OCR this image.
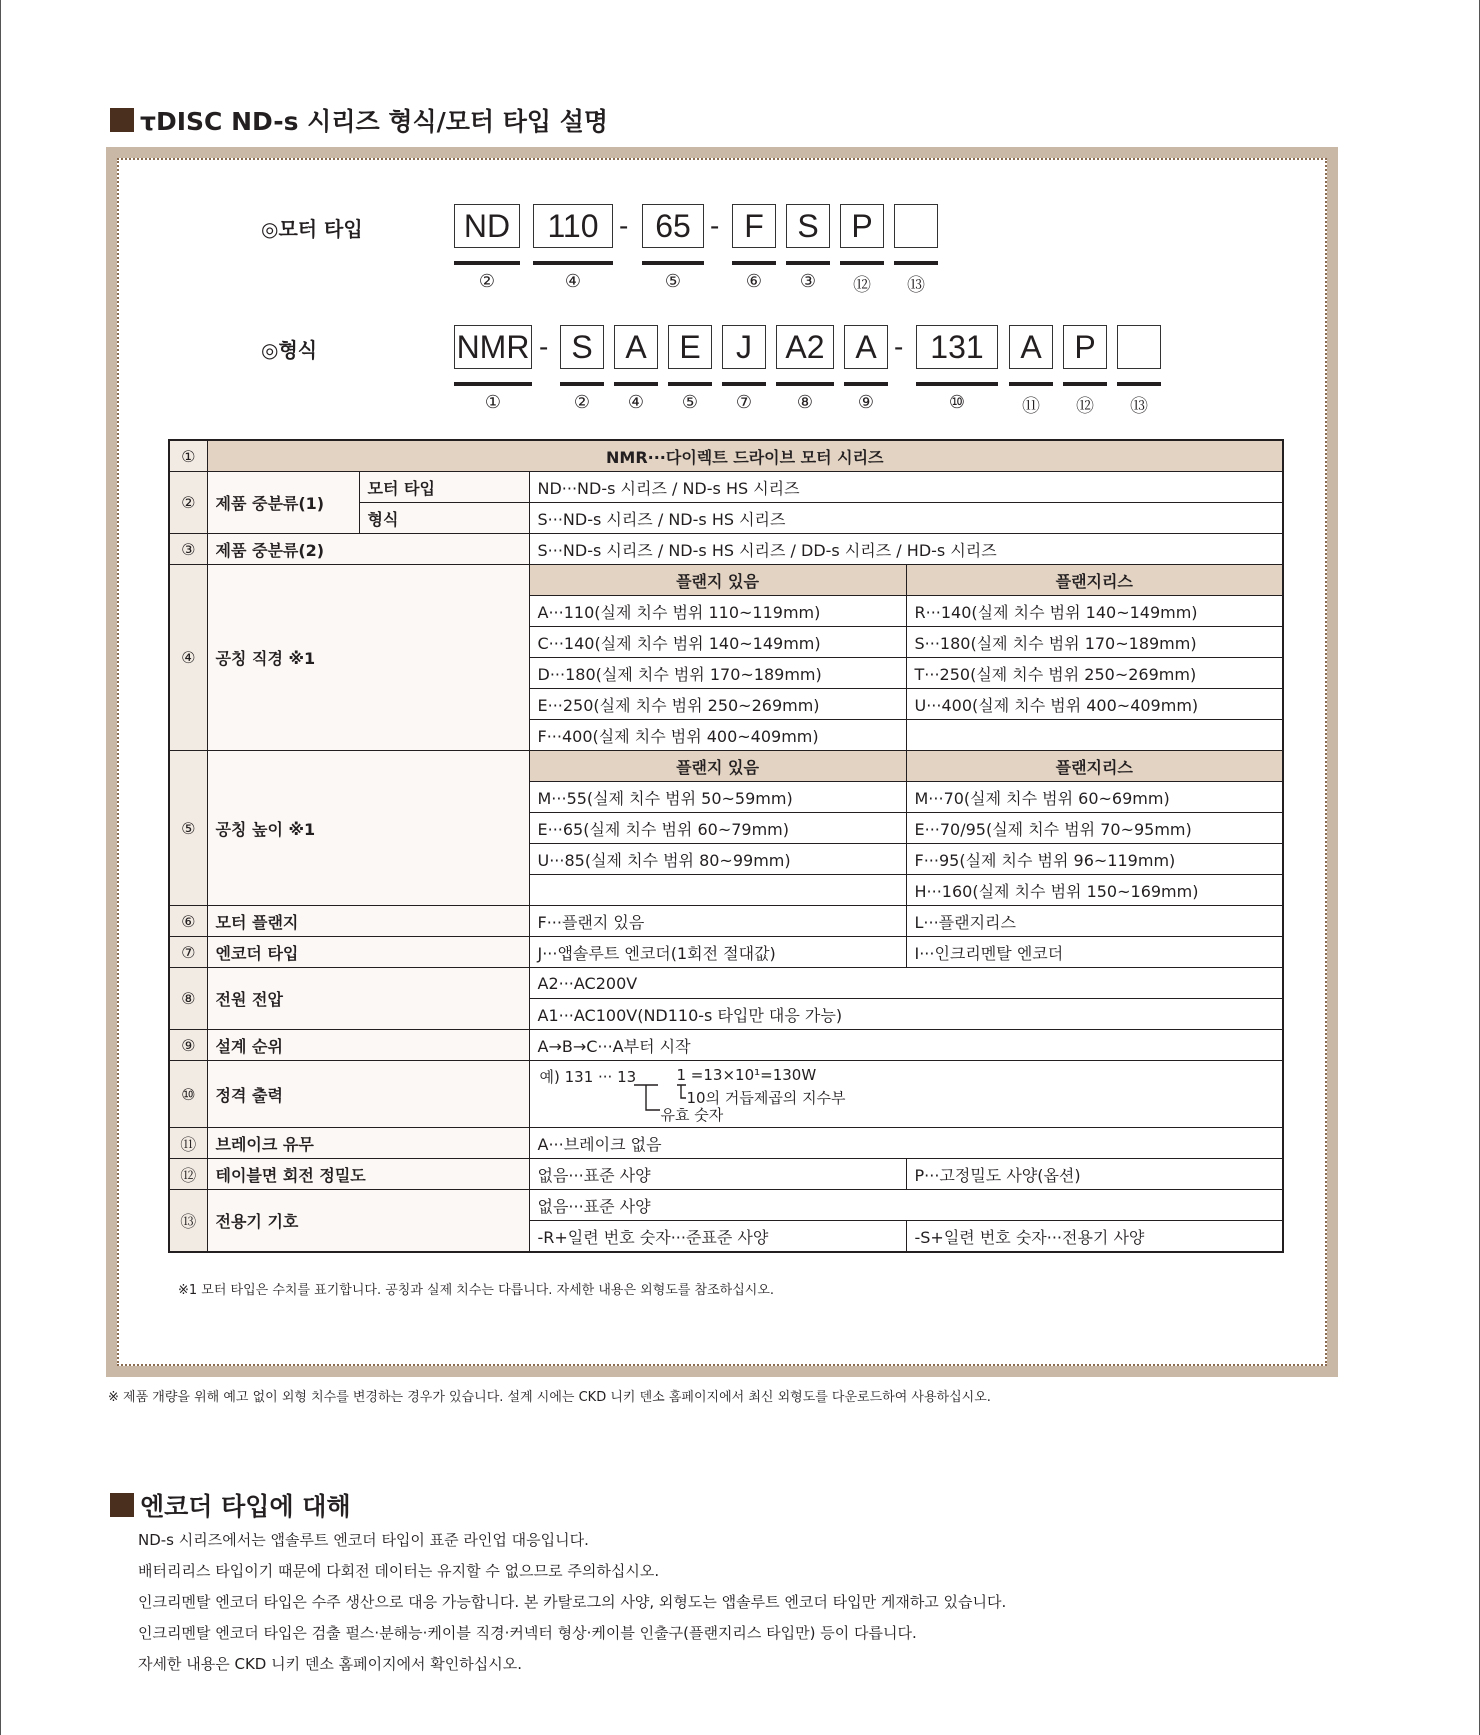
τDISC ND-s 시리즈 형식/모터 타입 설명
◎모터 타입	ND	110 - 65 - F	S	P
②	④	⑤	⑥	③	⑫	⑬
◎형식	NMR - S	A	E	J	A2 A - 131	A	P
①	②	④	⑤	⑦	⑧	⑨	⑩	⑪	⑫	⑬
①	NMR···다이렉트 드라이브 모터 시리즈			
②	제품 중분류(1)	모터 타입	ND···ND-s 시리즈 / ND-s HS 시리즈	
		형식	S···ND-s 시리즈 / ND-s HS 시리즈	
③	제품 중분류(2)		S···ND-s 시리즈 / ND-s HS 시리즈 / DD-s 시리즈 / HD-s 시리즈	
④	공칭 직경 ※1		플랜지 있음	플랜지리스
			A···110(실제 치수 범위 110~119mm)	R···140(실제 치수 범위 140~149mm)
			C···140(실제 치수 범위 140~149mm)	S···180(실제 치수 범위 170~189mm)
			D···180(실제 치수 범위 170~189mm)	T···250(실제 치수 범위 250~269mm)
			E···250(실제 치수 범위 250~269mm)	U···400(실제 치수 범위 400~409mm)
			F···400(실제 치수 범위 400~409mm)	
⑤	공칭 높이 ※1		플랜지 있음	플랜지리스
			M···55(실제 치수 범위 50~59mm)	M···70(실제 치수 범위 60~69mm)
			E···65(실제 치수 범위 60~79mm)	E···70/95(실제 치수 범위 70~95mm)
			U···85(실제 치수 범위 80~99mm)	F···95(실제 치수 범위 96~119mm)
				H···160(실제 치수 범위 150~169mm)
⑥	모터 플랜지		F···플랜지 있음	L···플랜지리스
⑦	엔코더 타입		J···앱솔루트 엔코더(1회전 절대값)	I···인크리멘탈 엔코더
⑧	전원 전압		A2···AC200V	
			A1···AC100V(ND110-s 타입만 대응 가능)	
⑨	설계 순위		A→B→C···A부터 시작	
⑩	정격 출력		예) 131 ··· 13 1 =13×10¹=130W
10의 거듭제곱의 지수부
유효 숫자	

⑪	브레이크 유무		A···브레이크 없음	
⑫	테이블면 회전 정밀도		없음···표준 사양	P···고정밀도 사양(옵션)
⑬	전용기 기호		없음···표준 사양	
			-R+일련 번호 숫자···준표준 사양	-S+일련 번호 숫자···전용기 사양
※1 모터 타입은 수치를 표기합니다. 공칭과 실제 치수는 다릅니다. 자세한 내용은 외형도를 참조하십시오.
※ 제품 개량을 위해 예고 없이 외형 치수를 변경하는 경우가 있습니다. 설계 시에는 CKD 니키 덴소 홈페이지에서 최신 외형도를 다운로드하여 사용하십시오.
엔코더 타입에 대해
ND-s 시리즈에서는 앱솔루트 엔코더 타입이 표준 라인업 대응입니다.
배터리리스 타입이기 때문에 다회전 데이터는 유지할 수 없으므로 주의하십시오.
인크리멘탈 엔코더 타입은 수주 생산으로 대응 가능합니다. 본 카탈로그의 사양, 외형도는 앱솔루트 엔코더 타입만 게재하고 있습니다.
인크리멘탈 엔코더 타입은 검출 펄스·분해능·케이블 직경·커넥터 형상·케이블 인출구(플랜지리스 타입만) 등이 다릅니다.
자세한 내용은 CKD 니키 덴소 홈페이지에서 확인하십시오.
